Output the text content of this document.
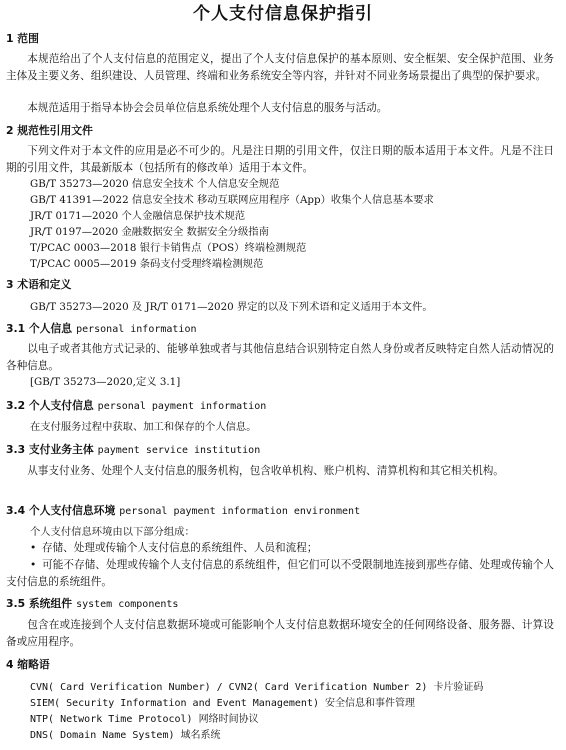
个人支付信息保护指引
1 范围
本规范给出了个人支付信息的范围定义，提出了个人支付信息保护的基本原则、安全框架、安全保护范围、业务主体及主要义务、组织建设、人员管理、终端和业务系统安全等内容，并针对不同业务场景提出了典型的保护要求。
本规范适用于指导本协会会员单位信息系统处理个人支付信息的服务与活动。
2 规范性引用文件
下列文件对于本文件的应用是必不可少的。凡是注日期的引用文件，仅注日期的版本适用于本文件。凡是不注日期的引用文件，其最新版本（包括所有的修改单）适用于本文件。
GB/T 35273—2020 信息安全技术 个人信息安全规范
GB/T 41391—2022 信息安全技术 移动互联网应用程序（App）收集个人信息基本要求
JR/T 0171—2020 个人金融信息保护技术规范
JR/T 0197—2020 金融数据安全 数据安全分级指南
T/PCAC 0003—2018 银行卡销售点（POS）终端检测规范
T/PCAC 0005—2019 条码支付受理终端检测规范
3 术语和定义
GB/T 35273—2020 及 JR/T 0171—2020 界定的以及下列术语和定义适用于本文件。
3.1 个人信息 personal information
以电子或者其他方式记录的、能够单独或者与其他信息结合识别特定自然人身份或者反映特定自然人活动情况的各种信息。
[GB/T 35273—2020,定义 3.1]
3.2 个人支付信息 personal payment information
在支付服务过程中获取、加工和保存的个人信息。
3.3 支付业务主体 payment service institution
从事支付业务、处理个人支付信息的服务机构，包含收单机构、账户机构、清算机构和其它相关机构。
3.4 个人支付信息环境 personal payment information environment
个人支付信息环境由以下部分组成：
• 存储、处理或传输个人支付信息的系统组件、人员和流程；
• 可能不存储、处理或传输个人支付信息的系统组件，但它们可以不受限制地连接到那些存储、处理或传输个人支付信息的系统组件。
3.5 系统组件 system components
包含在或连接到个人支付信息数据环境或可能影响个人支付信息数据环境安全的任何网络设备、服务器、计算设备或应用程序。
4 缩略语
CVN( Card Verification Number) / CVN2( Card Verification Number 2) 卡片验证码
SIEM( Security Information and Event Management) 安全信息和事件管理
NTP( Network Time Protocol) 网络时间协议
DNS( Domain Name System) 域名系统
